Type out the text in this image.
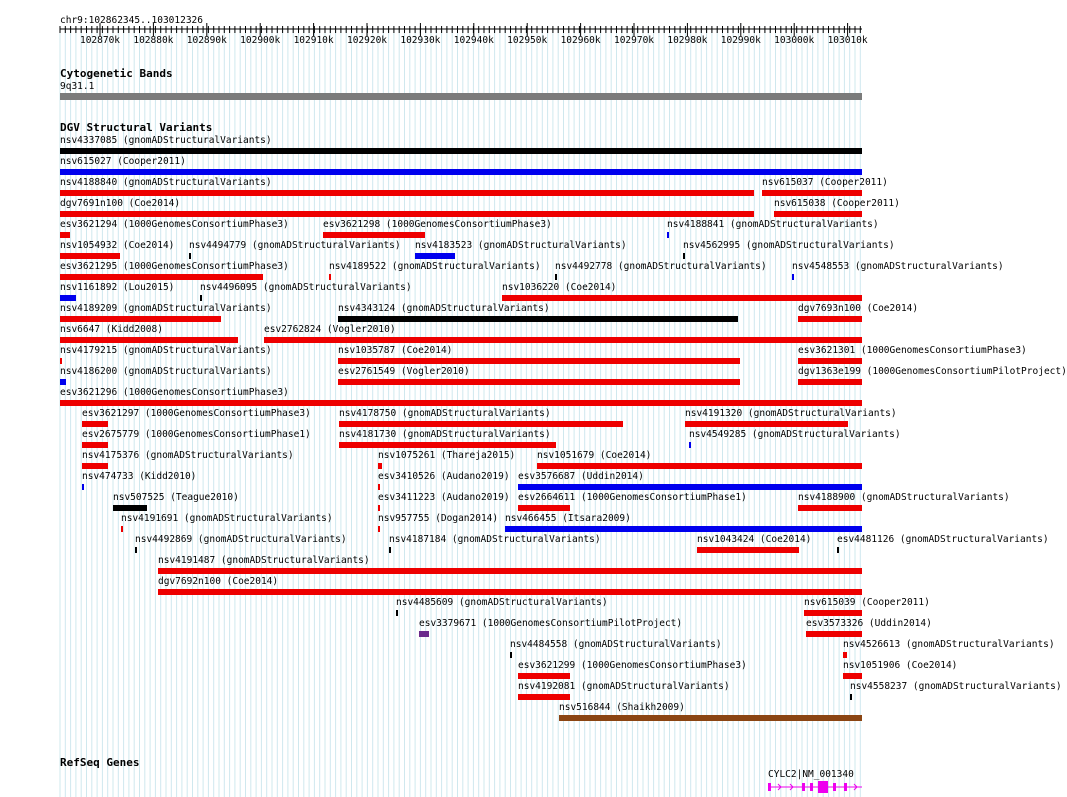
chr9:102862345..103012326
102870k 102880k 102890k 102900k 102910k 102920k 102930k 102940k 102950k 102960k 102970k 102980k 102990k 103000k 103010k
Cytogenetic Bands
9q31.1
DGV Structural Variants
nsv4337085 (gnomADStructuralVariants)
nsv615027 (Cooper2011)
nsv4188840 (gnomADStructuralVariants)	nsv615037 (Cooper2011)
dgv7691n100 (Coe2014)	nsv615038 (Cooper2011)
esv3621294 (1000GenomesConsortiumPhase3)	esv3621298 (1000GenomesConsortiumPhase3)	nsv4188841 (gnomADStructuralVariants)
nsv1054932 (Coe2014) nsv4494779 (gnomADStructuralVariants) nsv4183523 (gnomADStructuralVariants)	nsv4562995 (gnomADStructuralVariants)
esv3621295 (1000GenomesConsortiumPhase3)	nsv4189522 (gnomADStructuralVariants) nsv4492778 (gnomADStructuralVariants)	nsv4548553 (gnomADStructuralVariants)
nsv1161892 (Lou2015)	nsv4496095 (gnomADStructuralVariants)	nsv1036220 (Coe2014)
nsv4189209 (gnomADStructuralVariants)	nsv4343124 (gnomADStructuralVariants)	dgv7693n100 (Coe2014)
nsv6647 (Kidd2008)	esv2762824 (Vogler2010)
nsv4179215 (gnomADStructuralVariants)	nsv1035787 (Coe2014)	esv3621301 (1000GenomesConsortiumPhase3)
nsv4186200 (gnomADStructuralVariants)	esv2761549 (Vogler2010)	dgv1363e199 (1000GenomesConsortiumPilotProject)
esv3621296 (1000GenomesConsortiumPhase3)
esv3621297 (1000GenomesConsortiumPhase3)	nsv4178750 (gnomADStructuralVariants)	nsv4191320 (gnomADStructuralVariants)
esv2675779 (1000GenomesConsortiumPhase1)	nsv4181730 (gnomADStructuralVariants)	nsv4549285 (gnomADStructuralVariants)
nsv4175376 (gnomADStructuralVariants)	nsv1075261 (Thareja2015) nsv1051679 (Coe2014)
nsv474733 (Kidd2010)	esv3410526 (Audano2019) esv3576687 (Uddin2014)
nsv507525 (Teague2010)	esv3411223 (Audano2019) esv2664611 (1000GenomesConsortiumPhase1)	nsv4188900 (gnomADStructuralVariants)
nsv4191691 (gnomADStructuralVariants)	nsv957755 (Dogan2014) nsv466455 (Itsara2009)
nsv4492869 (gnomADStructuralVariants)	nsv4187184 (gnomADStructuralVariants)	nsv1043424 (Coe2014)	esv4481126 (gnomADStructuralVariants)
nsv4191487 (gnomADStructuralVariants)
dgv7692n100 (Coe2014)
nsv4485609 (gnomADStructuralVariants)	nsv615039 (Cooper2011)
esv3379671 (1000GenomesConsortiumPilotProject)	esv3573326 (Uddin2014)
nsv4484558 (gnomADStructuralVariants)	nsv4526613 (gnomADStructuralVariants)
esv3621299 (1000GenomesConsortiumPhase3)	nsv1051906 (Coe2014)
nsv4192081 (gnomADStructuralVariants)	nsv4558237 (gnomADStructuralVariants)
nsv516844 (Shaikh2009)
RefSeq Genes
CYLC2|NM_001340
